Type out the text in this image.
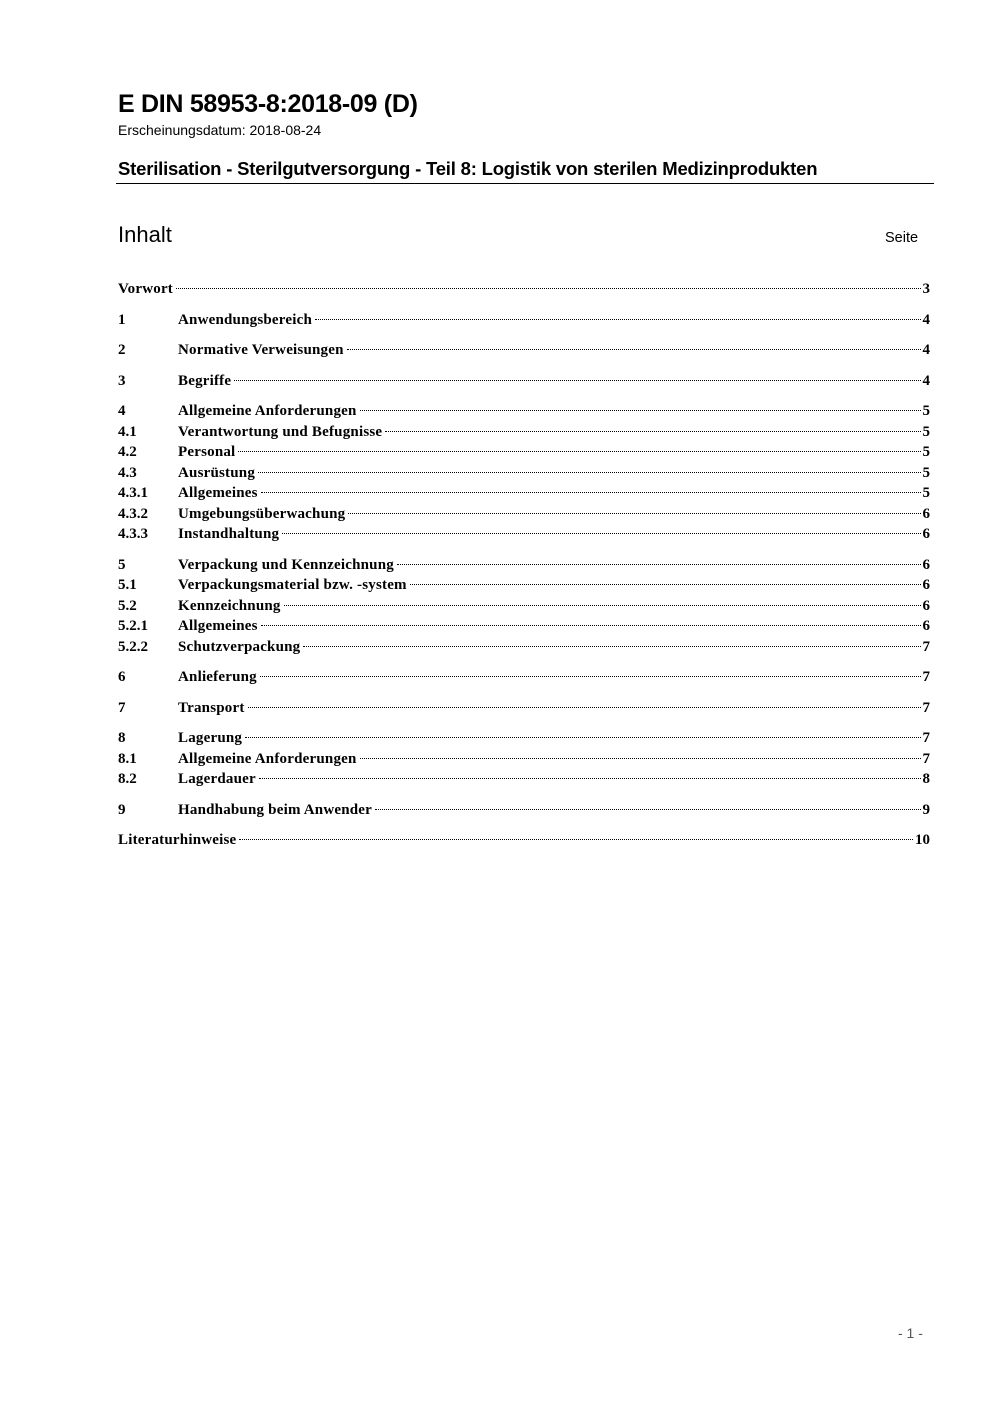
E DIN 58953-8:2018-09 (D)
Erscheinungsdatum: 2018-08-24
Sterilisation - Sterilgutversorgung - Teil 8: Logistik von sterilen Medizinprodukten
Inhalt	Seite
Vorwort	3
1	Anwendungsbereich	4
2	Normative Verweisungen	4
3	Begriffe	4
4	Allgemeine Anforderungen	5
4.1	Verantwortung und Befugnisse	5
4.2	Personal	5
4.3	Ausrüstung	5
4.3.1 Allgemeines	5
4.3.2 Umgebungsüberwachung	6
4.3.3 Instandhaltung	6
5	Verpackung und Kennzeichnung	6
5.1	Verpackungsmaterial bzw. -system	6
5.2	Kennzeichnung	6
5.2.1 Allgemeines	6
5.2.2 Schutzverpackung	7
6	Anlieferung	7
7	Transport	7
8	Lagerung	7
8.1	Allgemeine Anforderungen	7
8.2	Lagerdauer	8
9	Handhabung beim Anwender	9
Literaturhinweise	10
- 1 -
